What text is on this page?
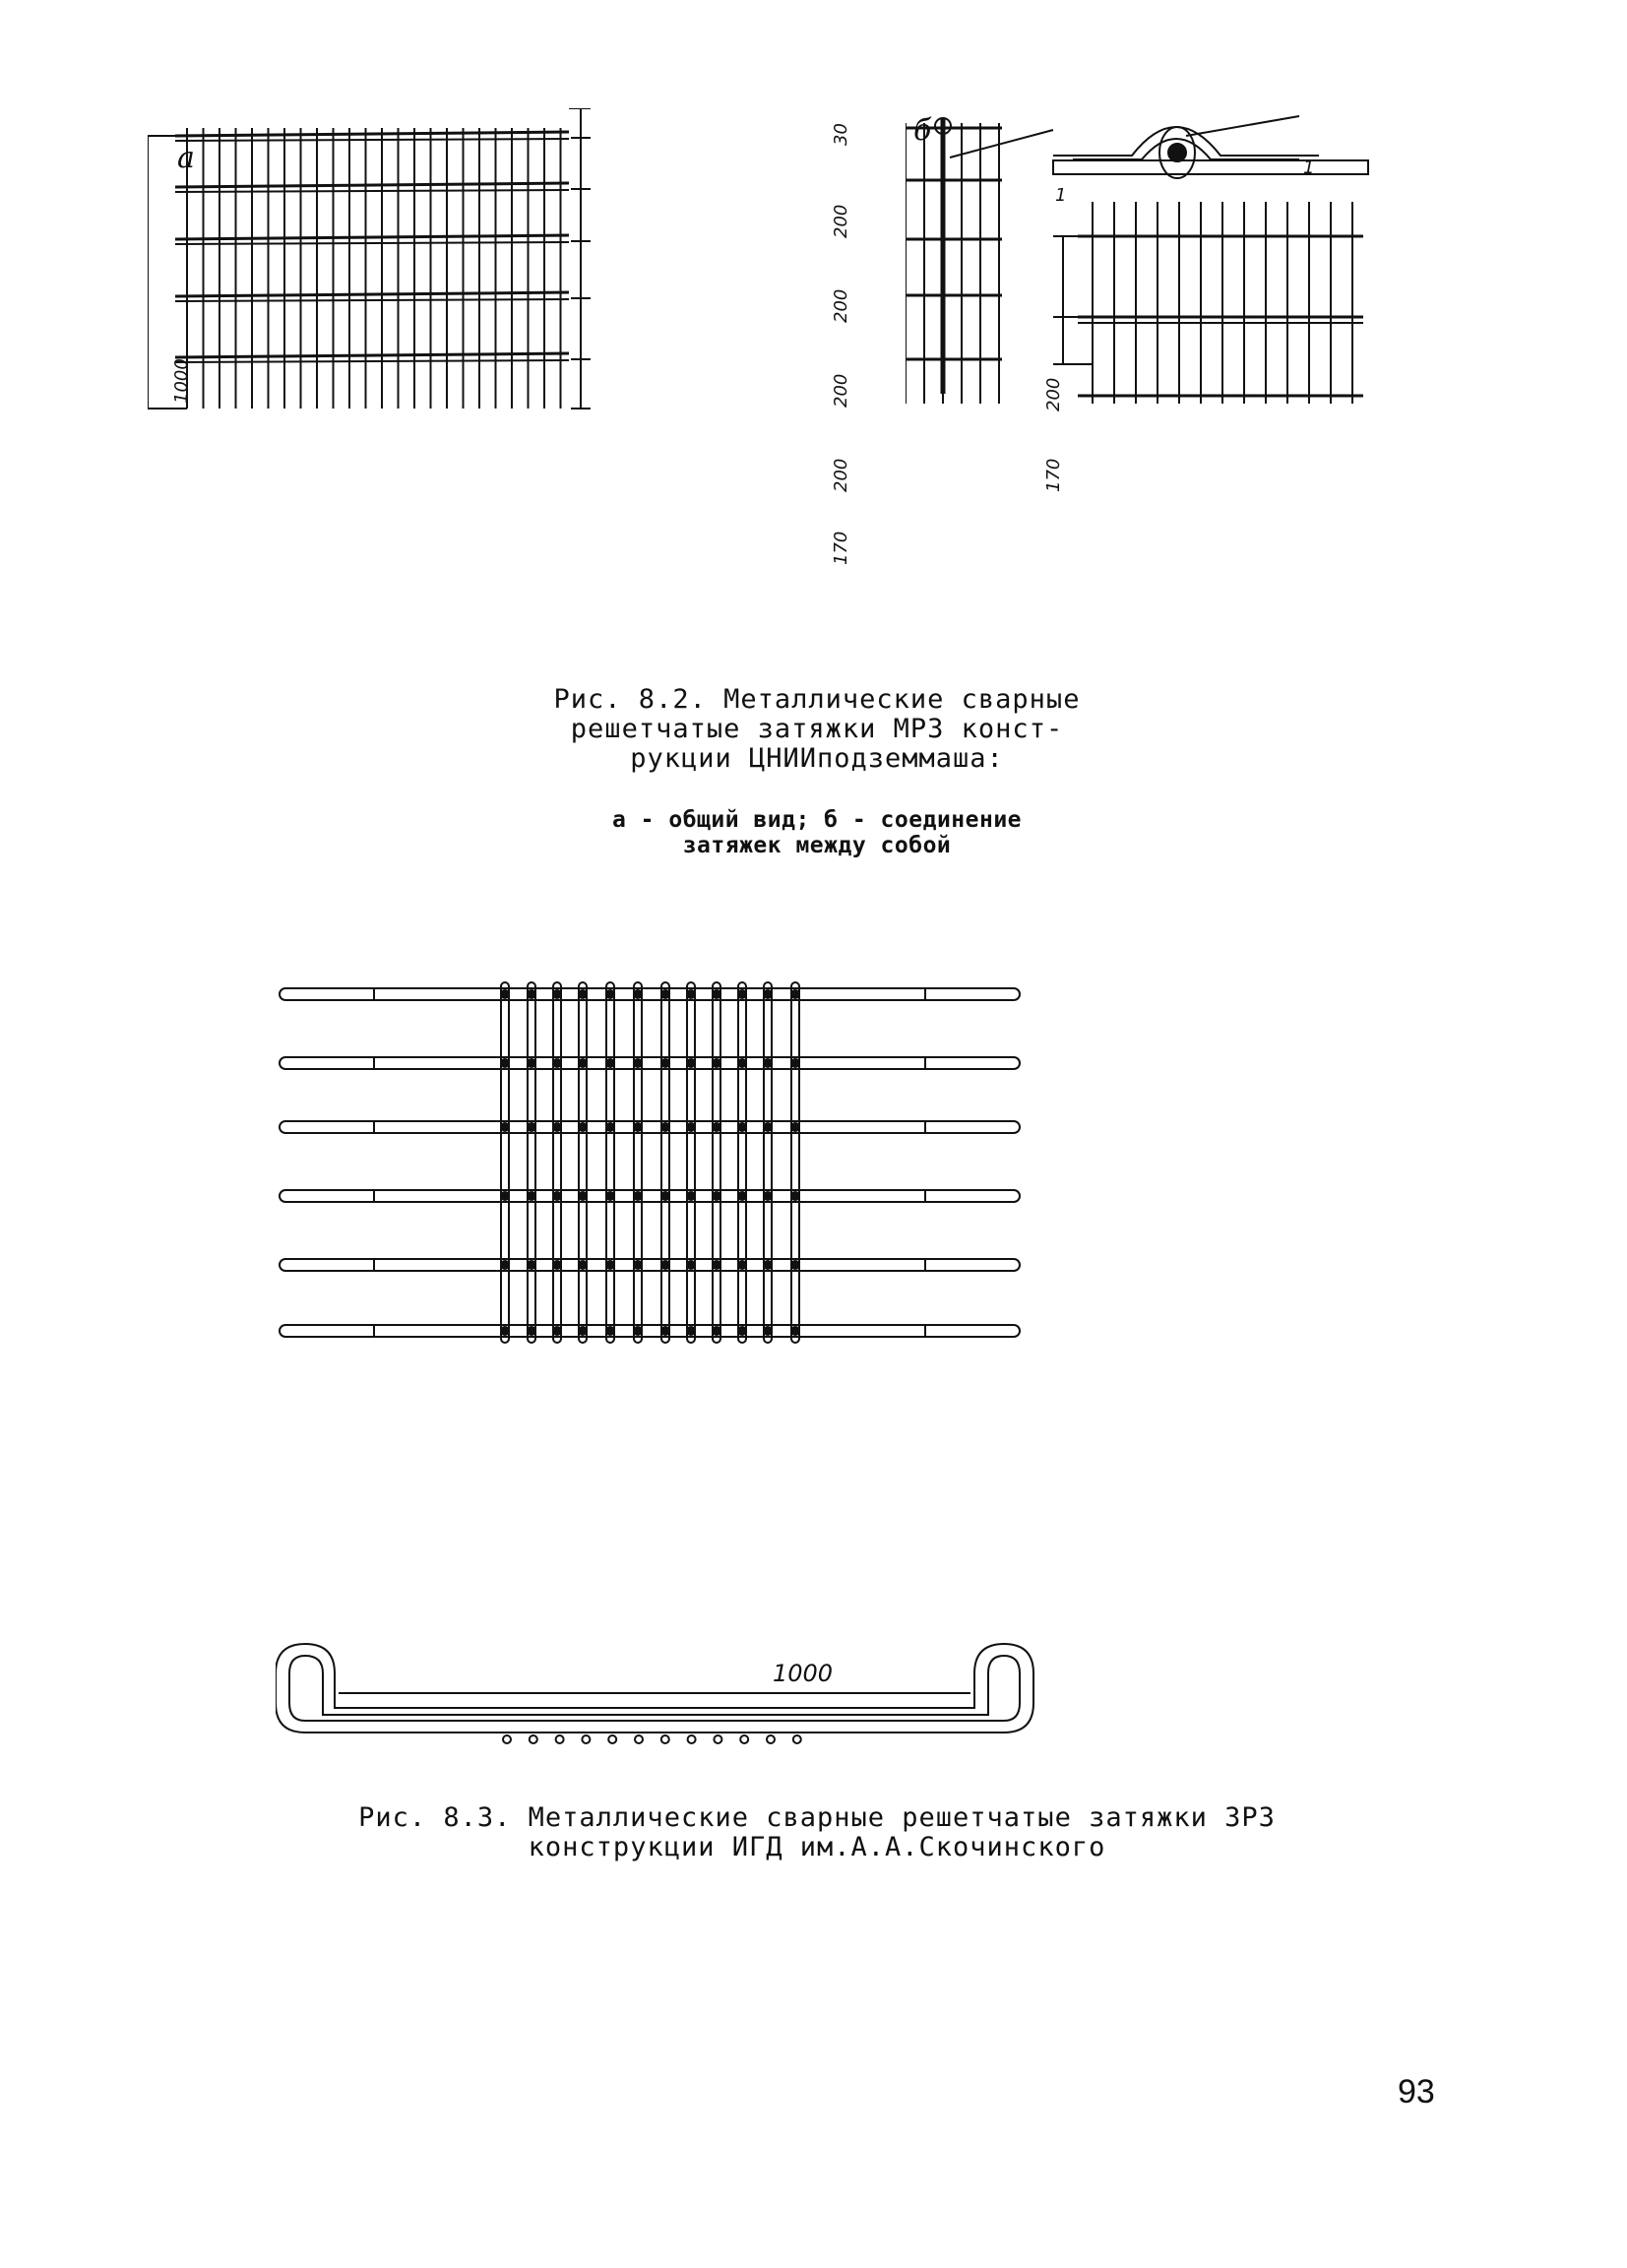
а
1000
30
200
200
200
200
170
б
1
1
200
170
Рис. 8.2. Металлические сварные
решетчатые затяжки МРЗ конст-
рукции ЦНИИподземмаша:
а - общий вид; б - соединение
затяжек между собой
1000
Рис. 8.3. Металлические сварные решетчатые затяжки ЗРЗ
конструкции ИГД им.А.А.Скочинского
93
